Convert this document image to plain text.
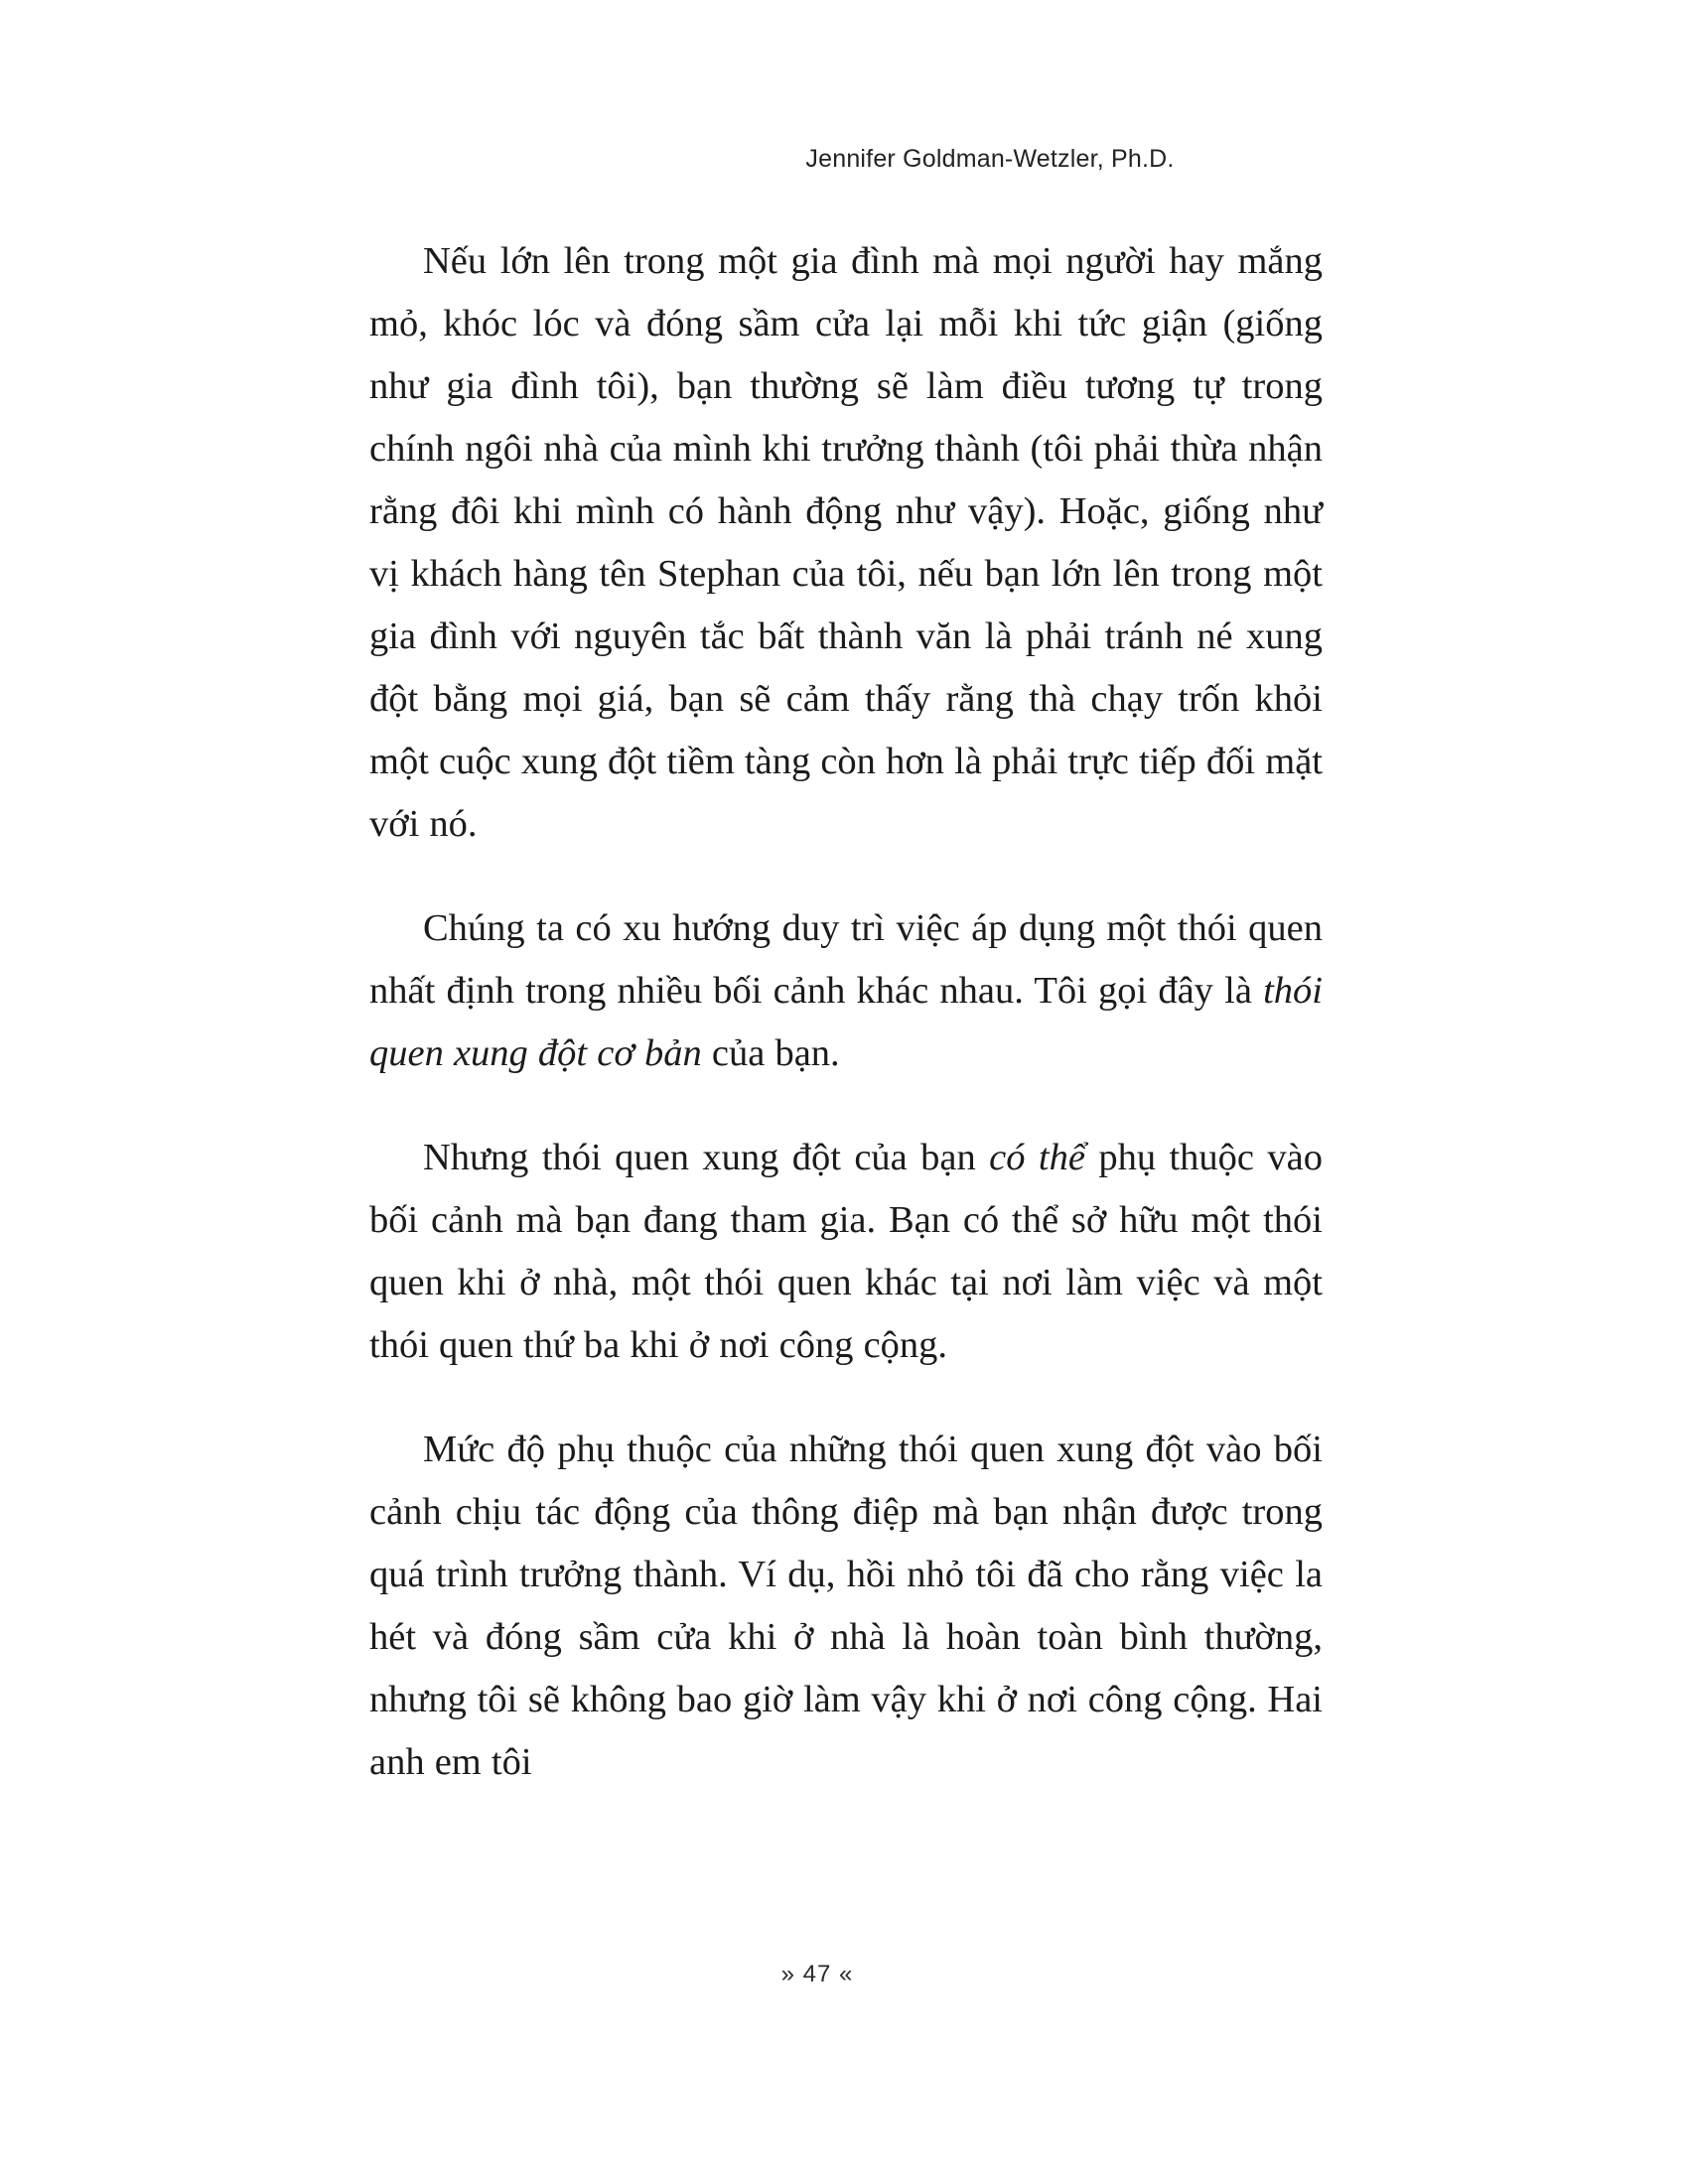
Jennifer Goldman-Wetzler, Ph.D.

Nếu lớn lên trong một gia đình mà mọi người hay mắng mỏ, khóc lóc và đóng sầm cửa lại mỗi khi tức giận (giống như gia đình tôi), bạn thường sẽ làm điều tương tự trong chính ngôi nhà của mình khi trưởng thành (tôi phải thừa nhận rằng đôi khi mình có hành động như vậy). Hoặc, giống như vị khách hàng tên Stephan của tôi, nếu bạn lớn lên trong một gia đình với nguyên tắc bất thành văn là phải tránh né xung đột bằng mọi giá, bạn sẽ cảm thấy rằng thà chạy trốn khỏi một cuộc xung đột tiềm tàng còn hơn là phải trực tiếp đối mặt với nó.

Chúng ta có xu hướng duy trì việc áp dụng một thói quen nhất định trong nhiều bối cảnh khác nhau. Tôi gọi đây là thói quen xung đột cơ bản của bạn.

Nhưng thói quen xung đột của bạn có thể phụ thuộc vào bối cảnh mà bạn đang tham gia. Bạn có thể sở hữu một thói quen khi ở nhà, một thói quen khác tại nơi làm việc và một thói quen thứ ba khi ở nơi công cộng.

Mức độ phụ thuộc của những thói quen xung đột vào bối cảnh chịu tác động của thông điệp mà bạn nhận được trong quá trình trưởng thành. Ví dụ, hồi nhỏ tôi đã cho rằng việc la hét và đóng sầm cửa khi ở nhà là hoàn toàn bình thường, nhưng tôi sẽ không bao giờ làm vậy khi ở nơi công cộng. Hai anh em tôi

» 47 «
